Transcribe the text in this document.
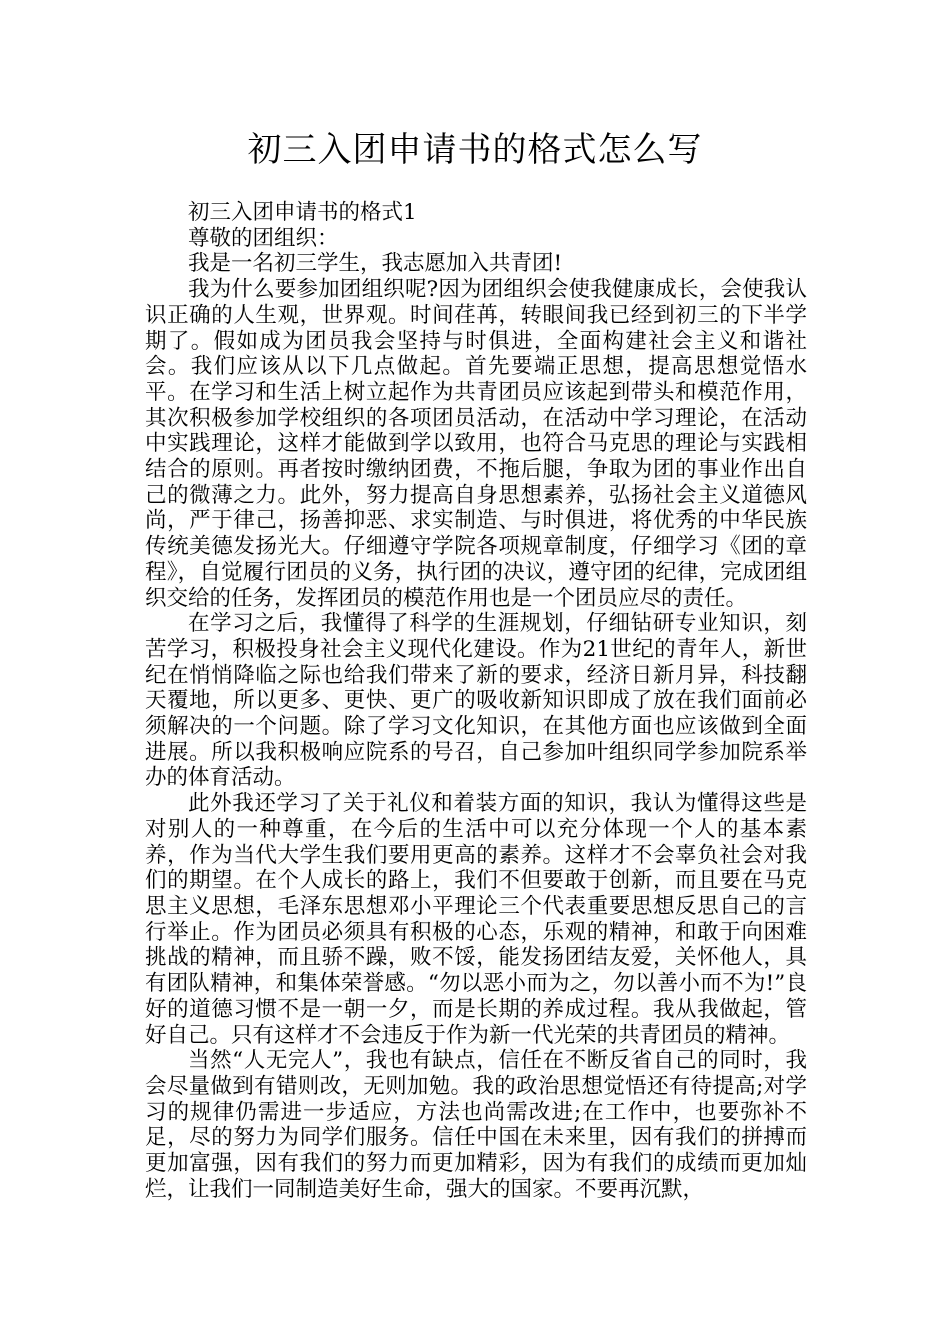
初三入团申请书的格式怎么写

初三入团申请书的格式1

尊敬的团组织：

我是一名初三学生，我志愿加入共青团!

我为什么要参加团组织呢?因为团组织会使我健康成长，会使我认识正确的人生观，世界观。时间荏苒，转眼间我已经到初三的下半学期了。假如成为团员我会坚持与时俱进，全面构建社会主义和谐社会。我们应该从以下几点做起。首先要端正思想，提高思想觉悟水平。在学习和生活上树立起作为共青团员应该起到带头和模范作用，其次积极参加学校组织的各项团员活动，在活动中学习理论，在活动中实践理论，这样才能做到学以致用，也符合马克思的理论与实践相结合的原则。再者按时缴纳团费，不拖后腿，争取为团的事业作出自己的微薄之力。此外，努力提高自身思想素养，弘扬社会主义道德风尚，严于律己，扬善抑恶、求实制造、与时俱进，将优秀的中华民族传统美德发扬光大。仔细遵守学院各项规章制度，仔细学习《团的章程》，自觉履行团员的义务，执行团的决议，遵守团的纪律，完成团组织交给的任务，发挥团员的模范作用也是一个团员应尽的责任。

在学习之后，我懂得了科学的生涯规划，仔细钻研专业知识，刻苦学习，积极投身社会主义现代化建设。作为21世纪的青年人，新世纪在悄悄降临之际也给我们带来了新的要求，经济日新月异，科技翻天覆地，所以更多、更快、更广的吸收新知识即成了放在我们面前必须解决的一个问题。除了学习文化知识，在其他方面也应该做到全面进展。所以我积极响应院系的号召，自己参加叶组织同学参加院系举办的体育活动。

此外我还学习了关于礼仪和着装方面的知识，我认为懂得这些是对别人的一种尊重，在今后的生活中可以充分体现一个人的基本素养，作为当代大学生我们要用更高的素养。这样才不会辜负社会对我们的期望。在个人成长的路上，我们不但要敢于创新，而且要在马克思主义思想，毛泽东思想邓小平理论三个代表重要思想反思自己的言行举止。作为团员必须具有积极的心态，乐观的精神，和敢于向困难挑战的精神，而且骄不躁，败不馁，能发扬团结友爱，关怀他人，具有团队精神，和集体荣誉感。“勿以恶小而为之，勿以善小而不为!”良好的道德习惯不是一朝一夕，而是长期的养成过程。我从我做起，管好自己。只有这样才不会违反于作为新一代光荣的共青团员的精神。

当然“人无完人”，我也有缺点，信任在不断反省自己的同时，我会尽量做到有错则改，无则加勉。我的政治思想觉悟还有待提高;对学习的规律仍需进一步适应，方法也尚需改进;在工作中，也要弥补不足，尽的努力为同学们服务。信任中国在未来里，因有我们的拼搏而更加富强，因有我们的努力而更加精彩，因为有我们的成绩而更加灿烂，让我们一同制造美好生命，强大的国家。不要再沉默，
